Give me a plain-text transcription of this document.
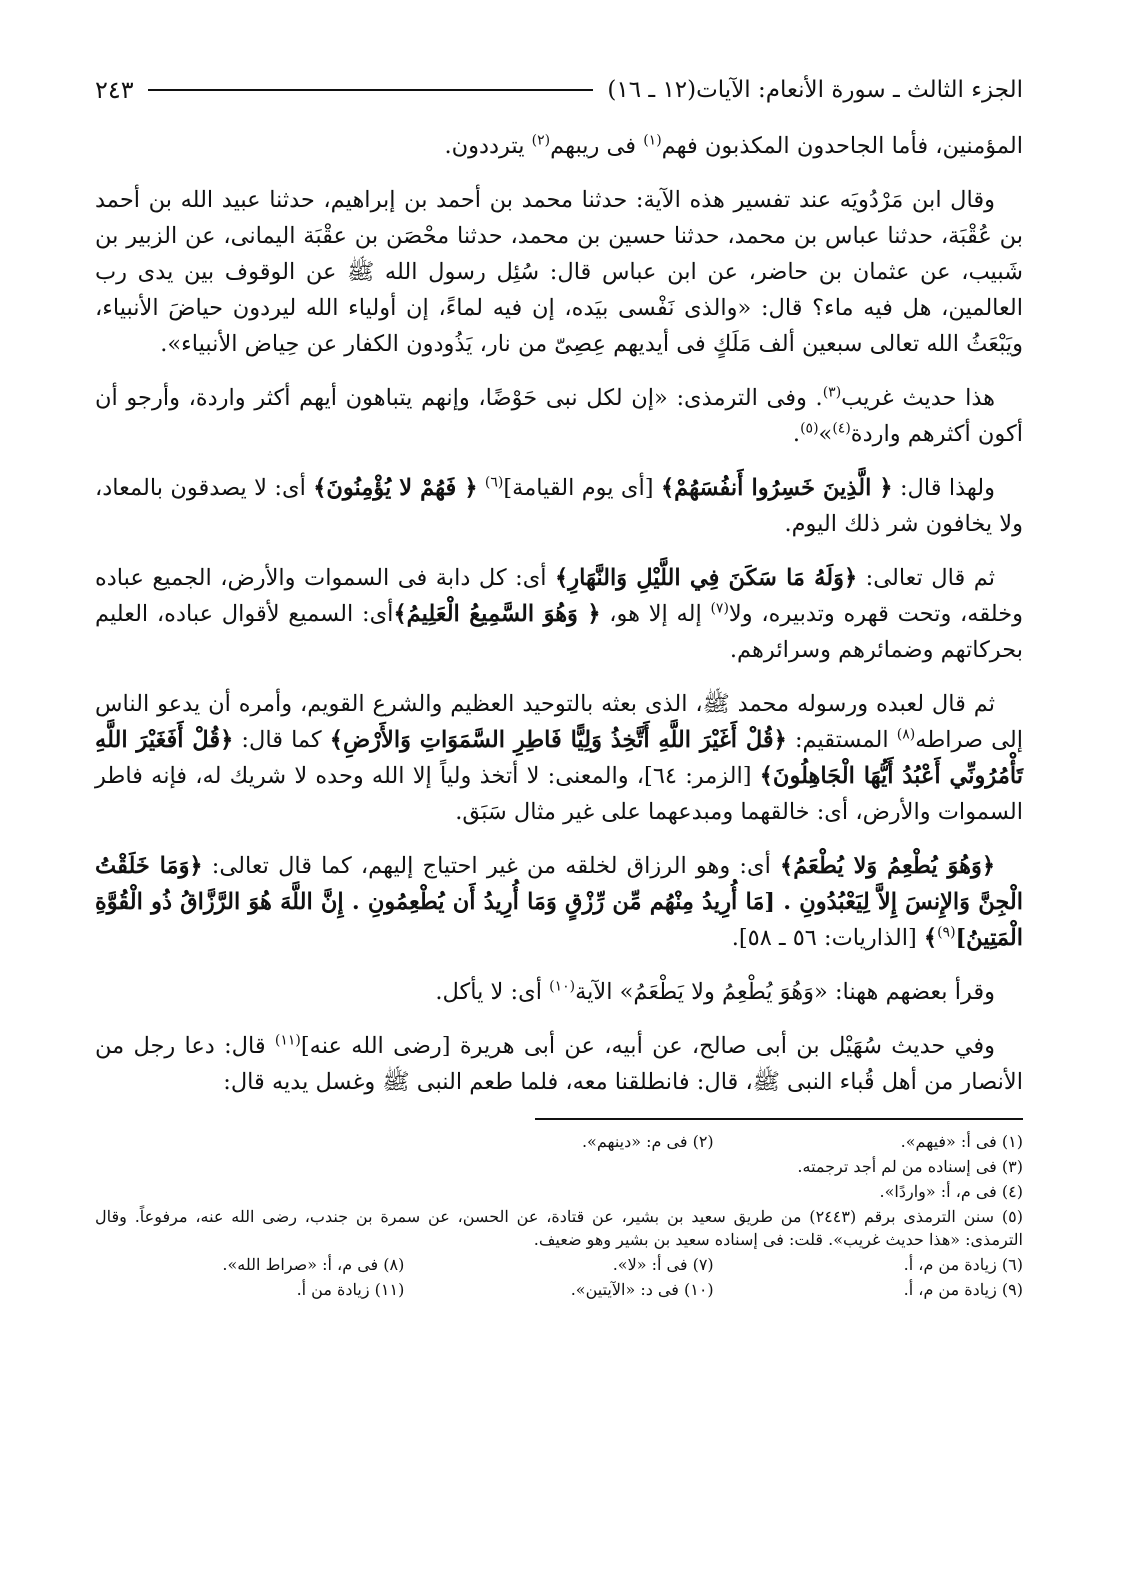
الجزء الثالث ـ سورة الأنعام: الآيات(١٢ ـ ١٦)
٢٤٣

المؤمنين، فأما الجاحدون المكذبون فهم$^{(١)}$ فى ريبهم$^{(٢)}$ يترددون.

وقال ابن مَرْدُويَه عند تفسير هذه الآية: حدثنا محمد بن أحمد بن إبراهيم، حدثنا عبيد الله بن أحمد بن عُقْبَة، حدثنا عباس بن محمد، حدثنا حسين بن محمد، حدثنا محْصَن بن عقْبَة اليمانى، عن الزبير بن شَبيب، عن عثمان بن حاضر، عن ابن عباس قال: سُئِل رسول الله ﷺ عن الوقوف بين يدى رب العالمين، هل فيه ماء؟ قال: «والذى نَفْسى بيَده، إن فيه لماءً، إن أولياء الله ليردون حياضَ الأنبياء، ويَبْعَثُ الله تعالى سبعين ألف مَلَكٍ فى أيديهم عِصِىّ من نار، يَذُودون الكفار عن حِياض الأنبياء».

هذا حديث غريب$^{(٣)}$. وفى الترمذى: «إن لكل نبى حَوْضًا، وإنهم يتباهون أيهم أكثر واردة، وأرجو أن أكون أكثرهم واردة$^{(٤)}$»$^{(٥)}$.

ولهذا قال: ﴿ الَّذِينَ خَسِرُوا أَنفُسَهُمْ﴾ [أى يوم القيامة]$^{(٦)}$ ﴿ فَهُمْ لا يُؤْمِنُونَ﴾ أى: لا يصدقون بالمعاد، ولا يخافون شر ذلك اليوم.

ثم قال تعالى: ﴿وَلَهُ مَا سَكَنَ فِي اللَّيْلِ وَالنَّهَارِ﴾ أى: كل دابة فى السموات والأرض، الجميع عباده وخلقه، وتحت قهره وتدبيره، ولا$^{(٧)}$ إله إلا هو، ﴿ وَهُوَ السَّمِيعُ الْعَلِيمُ﴾أى: السميع لأقوال عباده، العليم بحركاتهم وضمائرهم وسرائرهم.

ثم قال لعبده ورسوله محمد ﷺ، الذى بعثه بالتوحيد العظيم والشرع القويم، وأمره أن يدعو الناس إلى صراطه$^{(٨)}$ المستقيم: ﴿قُلْ أَغَيْرَ اللَّهِ أَتَّخِذُ وَلِيًّا فَاطِرِ السَّمَوَاتِ وَالأَرْضِ﴾ كما قال: ﴿قُلْ أَفَغَيْرَ اللَّهِ تَأْمُرُونِّي أَعْبُدُ أَيُّهَا الْجَاهِلُونَ﴾ [الزمر: ٦٤]، والمعنى: لا أتخذ ولياً إلا الله وحده لا شريك له، فإنه فاطر السموات والأرض، أى: خالقهما ومبدعهما على غير مثال سَبَق.

﴿وَهُوَ يُطْعِمُ وَلا يُطْعَمُ﴾ أى: وهو الرزاق لخلقه من غير احتياج إليهم، كما قال تعالى: ﴿وَمَا خَلَقْتُ الْجِنَّ وَالإِنسَ إِلاَّ لِيَعْبُدُونِ . [مَا أُرِيدُ مِنْهُم مِّن رِّزْقٍ وَمَا أُرِيدُ أَن يُطْعِمُونِ . إِنَّ اللَّهَ هُوَ الرَّزَّاقُ ذُو الْقُوَّةِ الْمَتِينُ]$^{(٩)}$﴾ [الذاريات: ٥٦ ـ ٥٨].

وقرأ بعضهم ههنا: «وَهُوَ يُطْعِمُ ولا يَطْعَمُ» الآية$^{(١٠)}$ أى: لا يأكل.

وفي حديث سُهَيْل بن أبى صالح، عن أبيه، عن أبى هريرة [رضى الله عنه]$^{(١١)}$ قال: دعا رجل من الأنصار من أهل قُباء النبى ﷺ، قال: فانطلقنا معه، فلما طعم النبى ﷺ وغسل يديه قال:

(١) فى أ: «فيهم».
(٢) فى م: «دينهم».
(٣) فى إسناده من لم أجد ترجمته.
(٤) فى م، أ: «واردًا».
(٥) سنن الترمذى برقم (٢٤٤٣) من طريق سعيد بن بشير، عن قتادة، عن الحسن، عن سمرة بن جندب، رضى الله عنه، مرفوعاً. وقال الترمذى: «هذا حديث غريب». قلت: فى إسناده سعيد بن بشير وهو ضعيف.
(٦) زيادة من م، أ.
(٧) فى أ: «لا».
(٨) فى م، أ: «صراط الله».
(٩) زيادة من م، أ.
(١٠) فى د: «الآيتين».
(١١) زيادة من أ.
